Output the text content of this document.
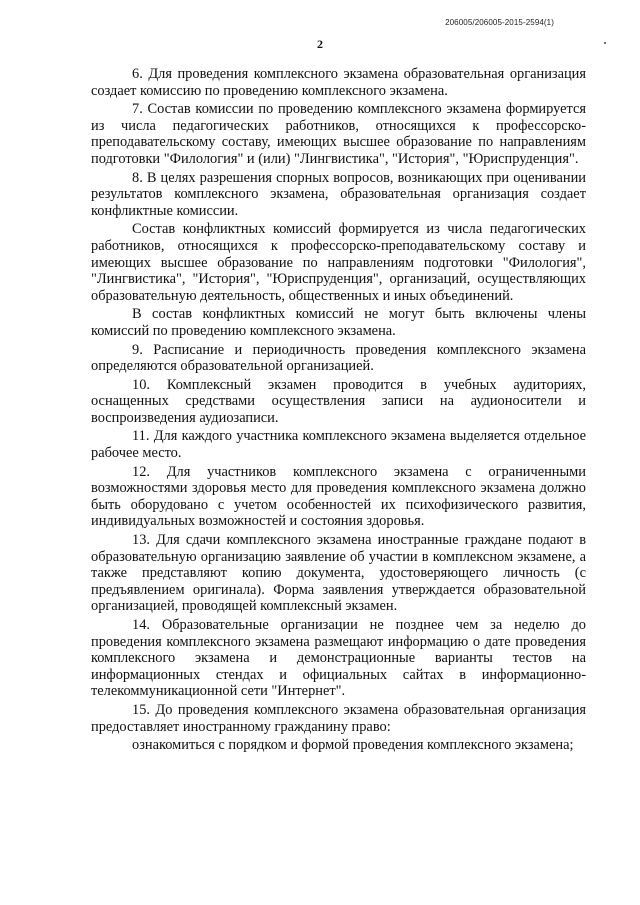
206005/206005-2015-2594(1)
2

6. Для проведения комплексного экзамена образовательная организация создает комиссию по проведению комплексного экзамена.

7. Состав комиссии по проведению комплексного экзамена формируется из числа педагогических работников, относящихся к профессорско-преподавательскому составу, имеющих высшее образование по направлениям подготовки "Филология" и (или) "Лингвистика", "История", "Юриспруденция".

8. В целях разрешения спорных вопросов, возникающих при оценивании результатов комплексного экзамена, образовательная организация создает конфликтные комиссии.

Состав конфликтных комиссий формируется из числа педагогических работников, относящихся к профессорско-преподавательскому составу и имеющих высшее образование по направлениям подготовки "Филология", "Лингвистика", "История", "Юриспруденция", организаций, осуществляющих образовательную деятельность, общественных и иных объединений.

В состав конфликтных комиссий не могут быть включены члены комиссий по проведению комплексного экзамена.

9. Расписание и периодичность проведения комплексного экзамена определяются образовательной организацией.

10. Комплексный экзамен проводится в учебных аудиториях, оснащенных средствами осуществления записи на аудионосители и воспроизведения аудиозаписи.

11. Для каждого участника комплексного экзамена выделяется отдельное рабочее место.

12. Для участников комплексного экзамена с ограниченными возможностями здоровья место для проведения комплексного экзамена должно быть оборудовано с учетом особенностей их психофизического развития, индивидуальных возможностей и состояния здоровья.

13. Для сдачи комплексного экзамена иностранные граждане подают в образовательную организацию заявление об участии в комплексном экзамене, а также представляют копию документа, удостоверяющего личность (с предъявлением оригинала). Форма заявления утверждается образовательной организацией, проводящей комплексный экзамен.

14. Образовательные организации не позднее чем за неделю до проведения комплексного экзамена размещают информацию о дате проведения комплексного экзамена и демонстрационные варианты тестов на информационных стендах и официальных сайтах в информационно-телекоммуникационной сети "Интернет".

15. До проведения комплексного экзамена образовательная организация предоставляет иностранному гражданину право:

ознакомиться с порядком и формой проведения комплексного экзамена;
